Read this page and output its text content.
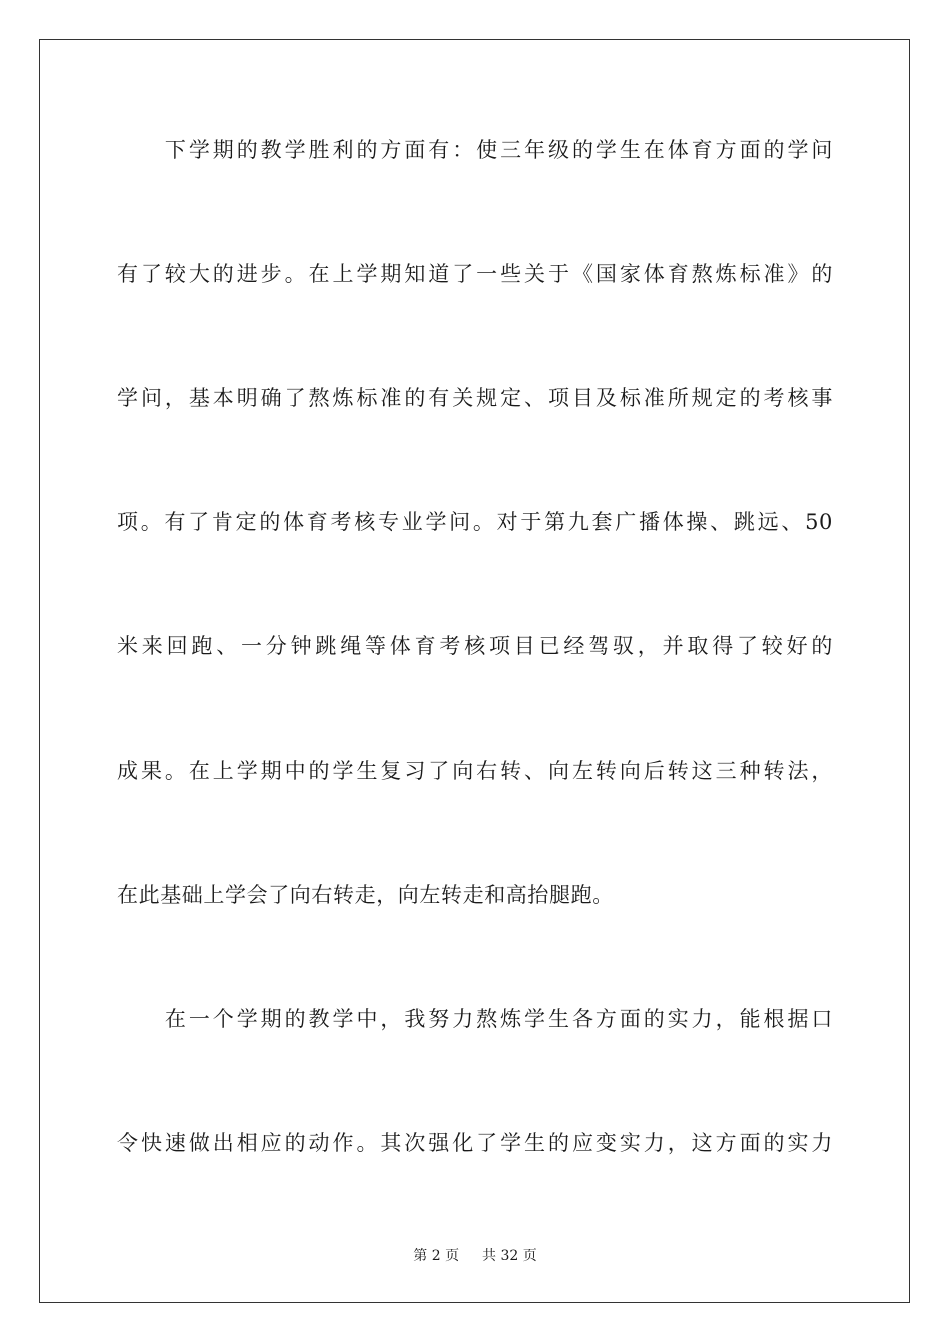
　　下学期的教学胜利的方面有：使三年级的学生在体育方面的学问
有了较大的进步。在上学期知道了一些关于《国家体育熬炼标准》的
学问，基本明确了熬炼标准的有关规定、项目及标准所规定的考核事
项。有了肯定的体育考核专业学问。对于第九套广播体操、跳远、50
米来回跑、一分钟跳绳等体育考核项目已经驾驭，并取得了较好的
成果。在上学期中的学生复习了向右转、向左转向后转这三种转法，
在此基础上学会了向右转走，向左转走和高抬腿跑。
　　在一个学期的教学中，我努力熬炼学生各方面的实力，能根据口
令快速做出相应的动作。其次强化了学生的应变实力，这方面的实力
第 2 页 共 32 页
